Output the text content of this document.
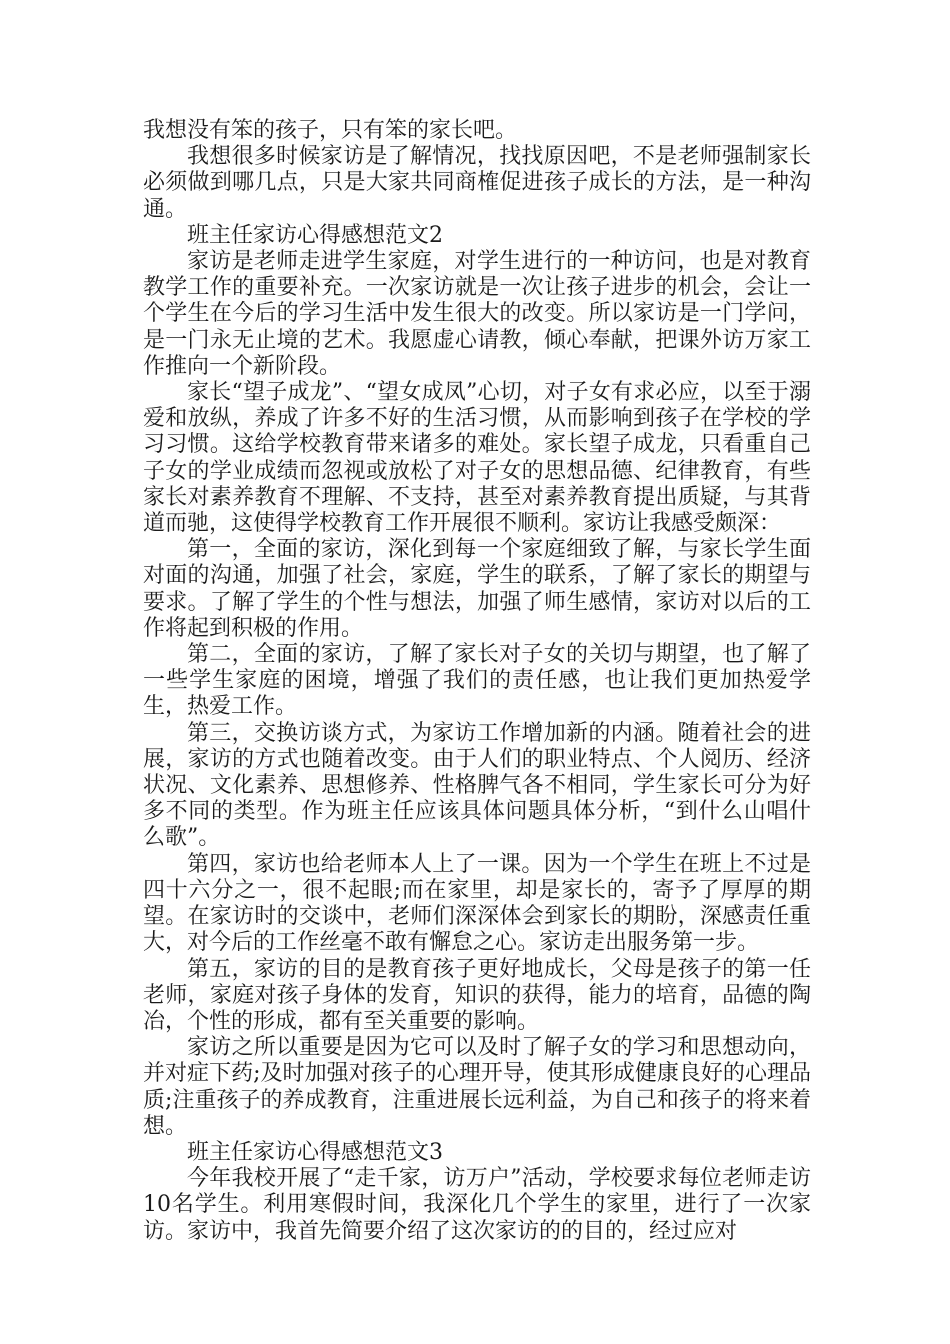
我想没有笨的孩子，只有笨的家长吧。

我想很多时候家访是了解情况，找找原因吧，不是老师强制家长必须做到哪几点，只是大家共同商榷促进孩子成长的方法，是一种沟通。

班主任家访心得感想范文2

家访是老师走进学生家庭，对学生进行的一种访问，也是对教育教学工作的重要补充。一次家访就是一次让孩子进步的机会，会让一个学生在今后的学习生活中发生很大的改变。所以家访是一门学问，是一门永无止境的艺术。我愿虚心请教，倾心奉献，把课外访万家工作推向一个新阶段。

家长“望子成龙”、“望女成凤”心切，对子女有求必应，以至于溺爱和放纵，养成了许多不好的生活习惯，从而影响到孩子在学校的学习习惯。这给学校教育带来诸多的难处。家长望子成龙，只看重自己子女的学业成绩而忽视或放松了对子女的思想品德、纪律教育，有些家长对素养教育不理解、不支持，甚至对素养教育提出质疑，与其背道而驰，这使得学校教育工作开展很不顺利。家访让我感受颇深：

第一，全面的家访，深化到每一个家庭细致了解，与家长学生面对面的沟通，加强了社会，家庭，学生的联系，了解了家长的期望与要求。了解了学生的个性与想法，加强了师生感情，家访对以后的工作将起到积极的作用。

第二，全面的家访，了解了家长对子女的关切与期望，也了解了一些学生家庭的困境，增强了我们的责任感，也让我们更加热爱学生，热爱工作。

第三，交换访谈方式，为家访工作增加新的内涵。随着社会的进展，家访的方式也随着改变。由于人们的职业特点、个人阅历、经济状况、文化素养、思想修养、性格脾气各不相同，学生家长可分为好多不同的类型。作为班主任应该具体问题具体分析，“到什么山唱什么歌”。

第四，家访也给老师本人上了一课。因为一个学生在班上不过是四十六分之一，很不起眼;而在家里，却是家长的，寄予了厚厚的期望。在家访时的交谈中，老师们深深体会到家长的期盼，深感责任重大，对今后的工作丝毫不敢有懈怠之心。家访走出服务第一步。

第五，家访的目的是教育孩子更好地成长，父母是孩子的第一任老师，家庭对孩子身体的发育，知识的获得，能力的培育，品德的陶冶，个性的形成，都有至关重要的影响。

家访之所以重要是因为它可以及时了解子女的学习和思想动向，并对症下药;及时加强对孩子的心理开导，使其形成健康良好的心理品质;注重孩子的养成教育，注重进展长远利益，为自己和孩子的将来着想。

班主任家访心得感想范文3

今年我校开展了“走千家，访万户”活动，学校要求每位老师走访10名学生。利用寒假时间，我深化几个学生的家里，进行了一次家访。家访中，我首先简要介绍了这次家访的的目的，经过应对
